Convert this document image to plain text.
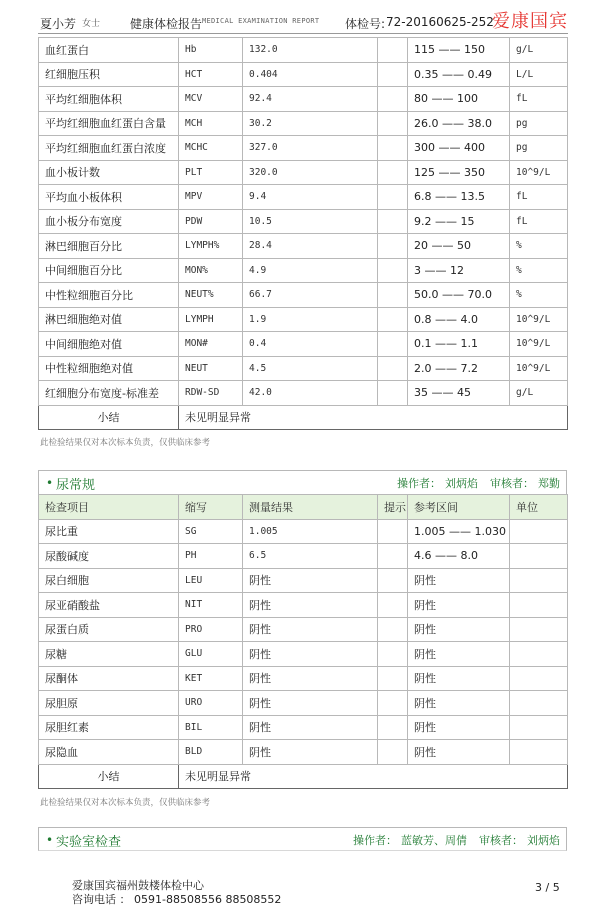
夏小芳 女士 健康体检报告 MEDICAL EXAMINATION REPORT 体检号: 72-20160625-252
爱康国宾
血红蛋白	Hb	132.0		115 —— 150	g/L
红细胞压积	HCT	0.404		0.35 —— 0.49	L/L
平均红细胞体积	MCV	92.4		80 —— 100	fL
平均红细胞血红蛋白含量	MCH	30.2		26.0 —— 38.0	pg
平均红细胞血红蛋白浓度	MCHC	327.0		300 —— 400	pg
血小板计数	PLT	320.0		125 —— 350	10^9/L
平均血小板体积	MPV	9.4		6.8 —— 13.5	fL
血小板分布宽度	PDW	10.5		9.2 —— 15	fL
淋巴细胞百分比	LYMPH%	28.4		20 —— 50	%
中间细胞百分比	MON%	4.9		3 —— 12	%
中性粒细胞百分比	NEUT%	66.7		50.0 —— 70.0	%
淋巴细胞绝对值	LYMPH	1.9		0.8 —— 4.0	10^9/L
中间细胞绝对值	MON#	0.4		0.1 —— 1.1	10^9/L
中性粒细胞绝对值	NEUT	4.5		2.0 —— 7.2	10^9/L
红细胞分布宽度-标准差	RDW-SD	42.0		35 —— 45	g/L
小结	未见明显异常				
此检验结果仅对本次标本负责，仅供临床参考
• 尿常规	操作者： 刘炳焰 审核者： 郑勤
检查项目	缩写	测量结果	提示	参考区间	单位
尿比重	SG	1.005		1.005 —— 1.030	
尿酸碱度	PH	6.5		4.6 —— 8.0	
尿白细胞	LEU	阴性		阴性	
尿亚硝酸盐	NIT	阴性		阴性	
尿蛋白质	PRO	阴性		阴性	
尿糖	GLU	阴性		阴性	
尿酮体	KET	阴性		阴性	
尿胆原	URO	阴性		阴性	
尿胆红素	BIL	阴性		阴性	
尿隐血	BLD	阴性		阴性	
小结	未见明显异常				
此检验结果仅对本次标本负责，仅供临床参考
• 实验室检查	操作者： 蓝敏芳、周倩 审核者： 刘炳焰
爱康国宾福州鼓楼体检中心
咨询电话 ： 0591-88508556 88508552
3 / 5
